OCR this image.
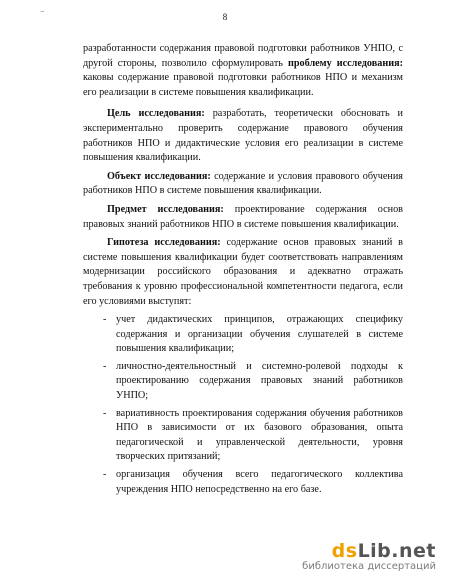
8
⁻

разработанности содержания правовой подготовки работников УНПО, с другой стороны, позволило сформулировать проблему исследования: каковы содержание правовой подготовки работников НПО и механизм его реализации в системе повышения квалификации.

Цель исследования: разработать, теоретически обосновать и экспериментально проверить содержание правового обучения работников НПО и дидактические условия его реализации в системе повышения квалификации.

Объект исследования: содержание и условия правового обучения работников НПО в системе повышения квалификации.

Предмет исследования: проектирование содержания основ правовых знаний работников НПО в системе повышения квалификации.

Гипотеза исследования: содержание основ правовых знаний в системе повышения квалификации будет соответствовать направлениям модернизации российского образования и адекватно отражать требования к уровню профессиональной компетентности педагога, если его условиями выступят:

- учет дидактических принципов, отражающих специфику содержания и организации обучения слушателей в системе повышения квалификации;
- личностно-деятельностный и системно-ролевой подходы к проектированию содержания правовых знаний работников УНПО;
- вариативность проектирования содержания обучения работников НПО в зависимости от их базового образования, опыта педагогической и управленческой деятельности, уровня творческих притязаний;
- организация обучения всего педагогического коллектива учреждения НПО непосредственно на его базе.
dsLib.net
библиотека диссертаций
